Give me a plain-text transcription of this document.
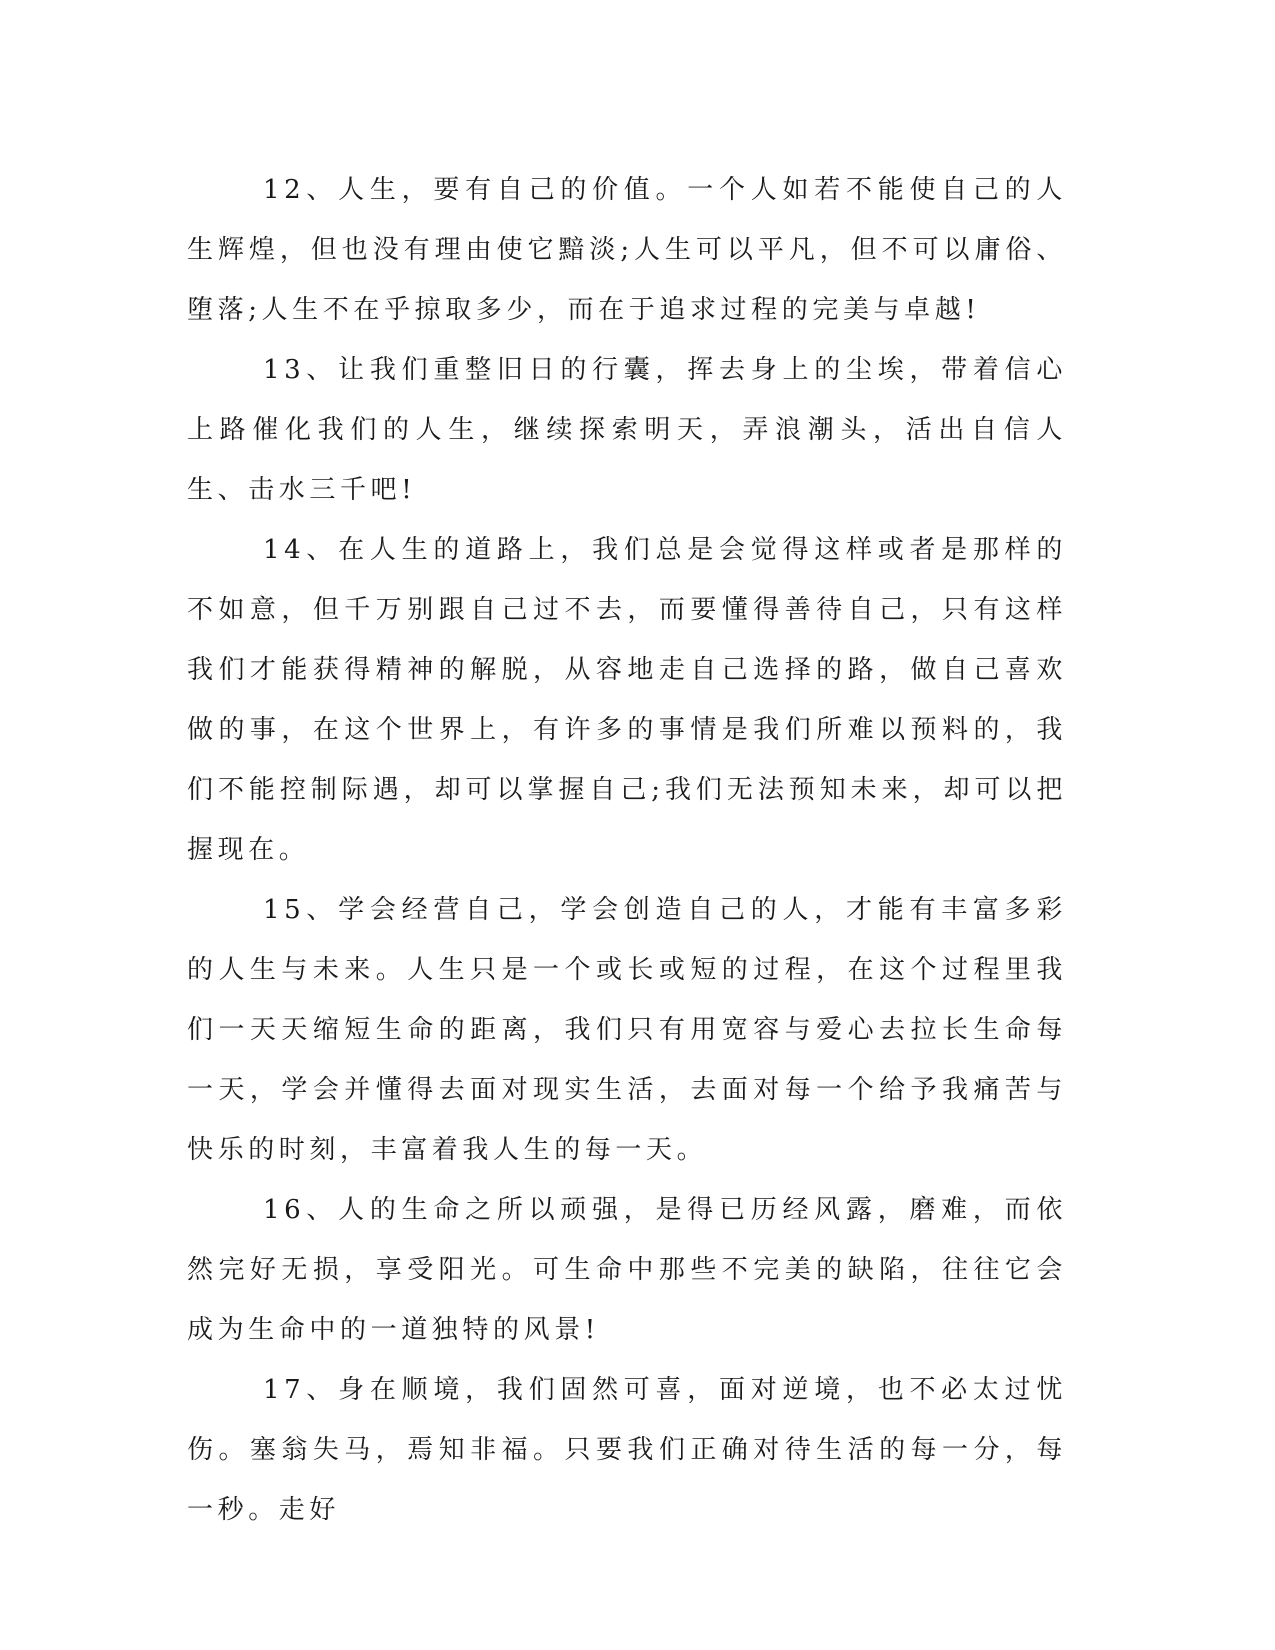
12、人生，要有自己的价值。一个人如若不能使自己的人生辉煌，但也没有理由使它黯淡;人生可以平凡，但不可以庸俗、堕落;人生不在乎掠取多少，而在于追求过程的完美与卓越!

13、让我们重整旧日的行囊，挥去身上的尘埃，带着信心上路催化我们的人生，继续探索明天，弄浪潮头，活出自信人生、击水三千吧!

14、在人生的道路上，我们总是会觉得这样或者是那样的不如意，但千万别跟自己过不去，而要懂得善待自己，只有这样我们才能获得精神的解脱，从容地走自己选择的路，做自己喜欢做的事，在这个世界上，有许多的事情是我们所难以预料的，我们不能控制际遇，却可以掌握自己;我们无法预知未来，却可以把握现在。

15、学会经营自己，学会创造自己的人，才能有丰富多彩的人生与未来。人生只是一个或长或短的过程，在这个过程里我们一天天缩短生命的距离，我们只有用宽容与爱心去拉长生命每一天，学会并懂得去面对现实生活，去面对每一个给予我痛苦与快乐的时刻，丰富着我人生的每一天。

16、人的生命之所以顽强，是得已历经风露，磨难，而依然完好无损，享受阳光。可生命中那些不完美的缺陷，往往它会成为生命中的一道独特的风景!

17、身在顺境，我们固然可喜，面对逆境，也不必太过忧伤。塞翁失马，焉知非福。只要我们正确对待生活的每一分，每一秒。走好
